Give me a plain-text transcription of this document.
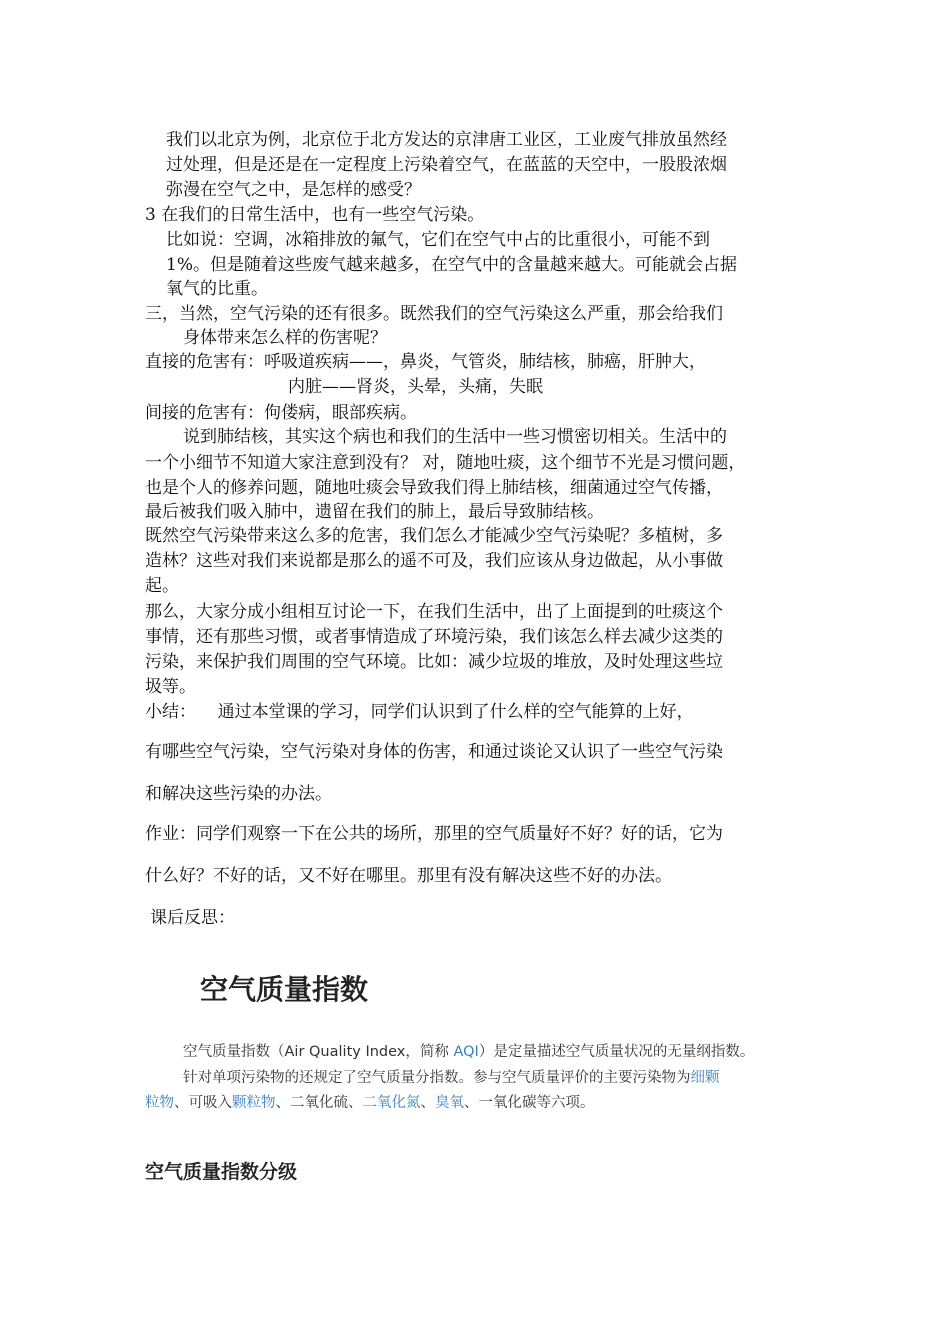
我们以北京为例，北京位于北方发达的京津唐工业区，工业废气排放虽然经

过处理，但是还是在一定程度上污染着空气，在蓝蓝的天空中，一股股浓烟

弥漫在空气之中，是怎样的感受？

3 在我们的日常生活中，也有一些空气污染。

比如说：空调，冰箱排放的氟气，它们在空气中占的比重很小，可能不到

1%。但是随着这些废气越来越多，在空气中的含量越来越大。可能就会占据

氧气的比重。

三，当然，空气污染的还有很多。既然我们的空气污染这么严重，那会给我们

身体带来怎么样的伤害呢？

直接的危害有：呼吸道疾病——，鼻炎，气管炎，肺结核，肺癌，肝肿大，

内脏——肾炎，头晕，头痛，失眠

间接的危害有：佝偻病，眼部疾病。

说到肺结核，其实这个病也和我们的生活中一些习惯密切相关。生活中的

一个小细节不知道大家注意到没有？ 对，随地吐痰，这个细节不光是习惯问题，

也是个人的修养问题，随地吐痰会导致我们得上肺结核，细菌通过空气传播，

最后被我们吸入肺中，遗留在我们的肺上，最后导致肺结核。

既然空气污染带来这么多的危害，我们怎么才能减少空气污染呢？多植树，多

造林？这些对我们来说都是那么的遥不可及，我们应该从身边做起，从小事做

起。

那么，大家分成小组相互讨论一下，在我们生活中，出了上面提到的吐痰这个

事情，还有那些习惯，或者事情造成了环境污染，我们该怎么样去减少这类的

污染，来保护我们周围的空气环境。比如：减少垃圾的堆放，及时处理这些垃

圾等。

小结：    通过本堂课的学习，同学们认识到了什么样的空气能算的上好，

有哪些空气污染，空气污染对身体的伤害，和通过谈论又认识了一些空气污染

和解决这些污染的办法。

作业：同学们观察一下在公共的场所，那里的空气质量好不好？好的话，它为

什么好？不好的话，又不好在哪里。那里有没有解决这些不好的办法。

课后反思：

空气质量指数

空气质量指数（Air Quality Index，简称 AQI）是定量描述空气质量状况的无量纲指数。

针对单项污染物的还规定了空气质量分指数。参与空气质量评价的主要污染物为细颗

粒物、可吸入颗粒物、二氧化硫、二氧化氮、臭氧、一氧化碳等六项。

空气质量指数分级
